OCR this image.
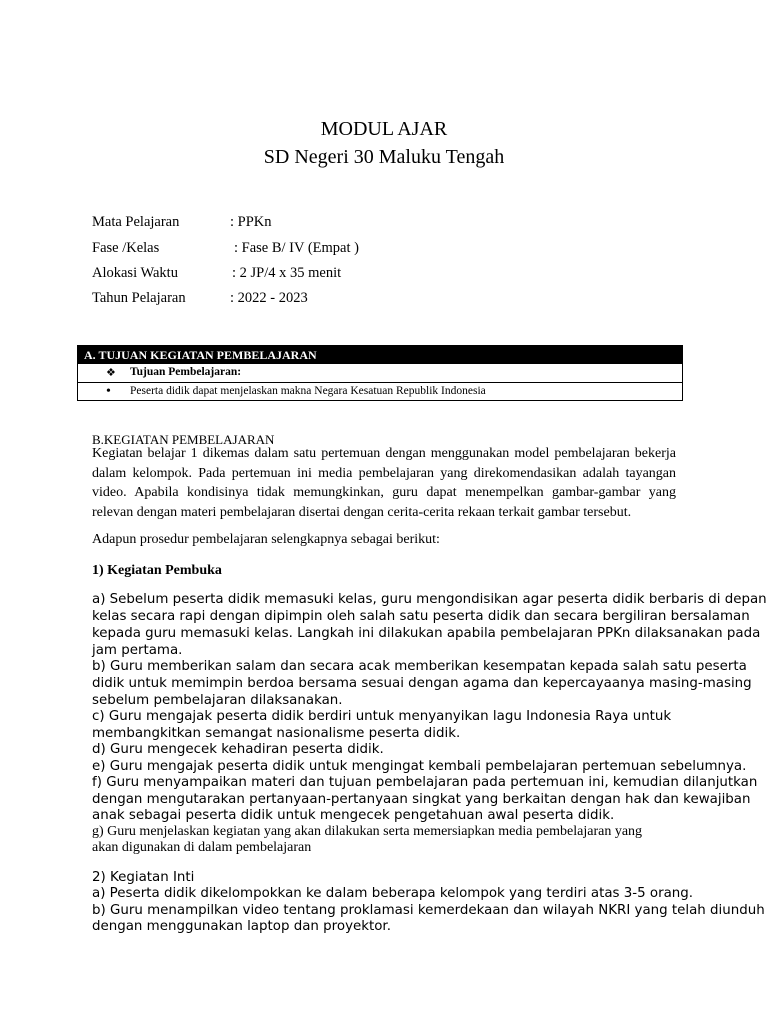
MODUL AJAR
SD Negeri 30 Maluku Tengah
Mata Pelajaran	: PPKn
Fase /Kelas	: Fase B/ IV (Empat )
Alokasi Waktu	: 2 JP/4 x 35 menit
Tahun Pelajaran	: 2022 - 2023
A. TUJUAN KEGIATAN PEMBELAJARAN
❖ Tujuan Pembelajaran:
• Peserta didik dapat menjelaskan makna Negara Kesatuan Republik Indonesia
B.KEGIATAN PEMBELAJARAN
Kegiatan belajar 1 dikemas dalam satu pertemuan dengan menggunakan model pembelajaran bekerja dalam kelompok. Pada pertemuan ini media pembelajaran yang direkomendasikan adalah tayangan video. Apabila kondisinya tidak memungkinkan, guru dapat menempelkan gambar-gambar yang relevan dengan materi pembelajaran disertai dengan cerita-cerita rekaan terkait gambar tersebut.
Adapun prosedur pembelajaran selengkapnya sebagai berikut:
1) Kegiatan Pembuka
a) Sebelum peserta didik memasuki kelas, guru mengondisikan agar peserta didik berbaris di depan
kelas secara rapi dengan dipimpin oleh salah satu peserta didik dan secara bergiliran bersalaman
kepada guru memasuki kelas. Langkah ini dilakukan apabila pembelajaran PPKn dilaksanakan pada
jam pertama.
b) Guru memberikan salam dan secara acak memberikan kesempatan kepada salah satu peserta
didik untuk memimpin berdoa bersama sesuai dengan agama dan kepercayaanya masing-masing
sebelum pembelajaran dilaksanakan.
c) Guru mengajak peserta didik berdiri untuk menyanyikan lagu Indonesia Raya untuk
membangkitkan semangat nasionalisme peserta didik.
d) Guru mengecek kehadiran peserta didik.
e) Guru mengajak peserta didik untuk mengingat kembali pembelajaran pertemuan sebelumnya.
f) Guru menyampaikan materi dan tujuan pembelajaran pada pertemuan ini, kemudian dilanjutkan
dengan mengutarakan pertanyaan-pertanyaan singkat yang berkaitan dengan hak dan kewajiban
anak sebagai peserta didik untuk mengecek pengetahuan awal peserta didik.
g) Guru menjelaskan kegiatan yang akan dilakukan serta memersiapkan media pembelajaran yang
akan digunakan di dalam pembelajaran
2) Kegiatan Inti
a) Peserta didik dikelompokkan ke dalam beberapa kelompok yang terdiri atas 3-5 orang.
b) Guru menampilkan video tentang proklamasi kemerdekaan dan wilayah NKRI yang telah diunduh
dengan menggunakan laptop dan proyektor.
